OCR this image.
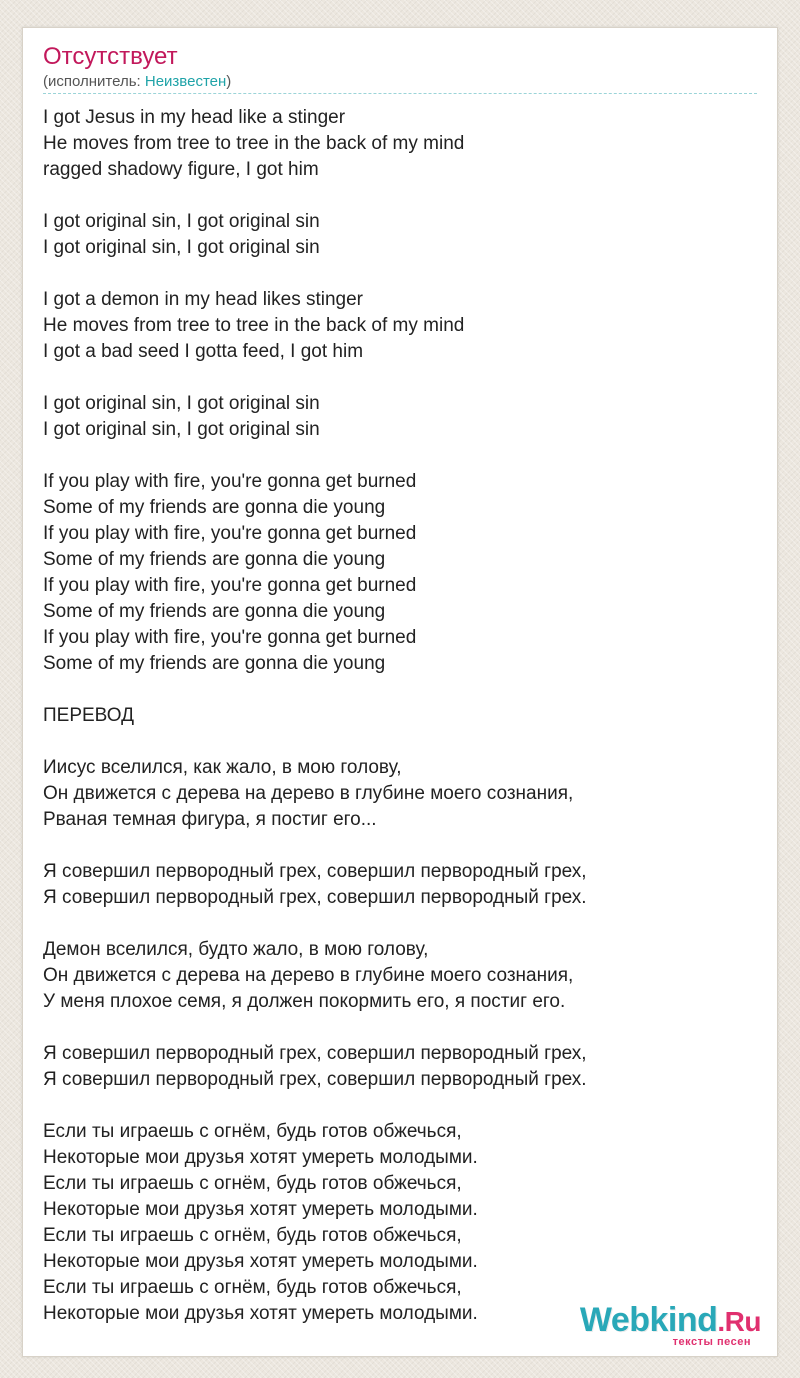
Отсутствует
(исполнитель: Неизвестен)
I got Jesus in my head like a stinger
He moves from tree to tree in the back of my mind
ragged shadowy figure, I got him
I got original sin, I got original sin
I got original sin, I got original sin
I got a demon in my head likes stinger
He moves from tree to tree in the back of my mind
I got a bad seed I gotta feed, I got him
I got original sin, I got original sin
I got original sin, I got original sin
If you play with fire, you're gonna get burned
Some of my friends are gonna die young
If you play with fire, you're gonna get burned
Some of my friends are gonna die young
If you play with fire, you're gonna get burned
Some of my friends are gonna die young
If you play with fire, you're gonna get burned
Some of my friends are gonna die young
ПЕРЕВОД
Иисус вселился, как жало, в мою голову,
Он движется с дерева на дерево в глубине моего сознания,
Рваная темная фигура, я постиг его...
Я совершил первородный грех, совершил первородный грех,
Я совершил первородный грех, совершил первородный грех.
Демон вселился, будто жало, в мою голову,
Он движется с дерева на дерево в глубине моего сознания,
У меня плохое семя, я должен покормить его, я постиг его.
Я совершил первородный грех, совершил первородный грех,
Я совершил первородный грех, совершил первородный грех.
Если ты играешь с огнём, будь готов обжечься,
Некоторые мои друзья хотят умереть молодыми.
Если ты играешь с огнём, будь готов обжечься,
Некоторые мои друзья хотят умереть молодыми.
Если ты играешь с огнём, будь готов обжечься,
Некоторые мои друзья хотят умереть молодыми.
Если ты играешь с огнём, будь готов обжечься,
Некоторые мои друзья хотят умереть молодыми.	Webkind.Ru
тексты песен
